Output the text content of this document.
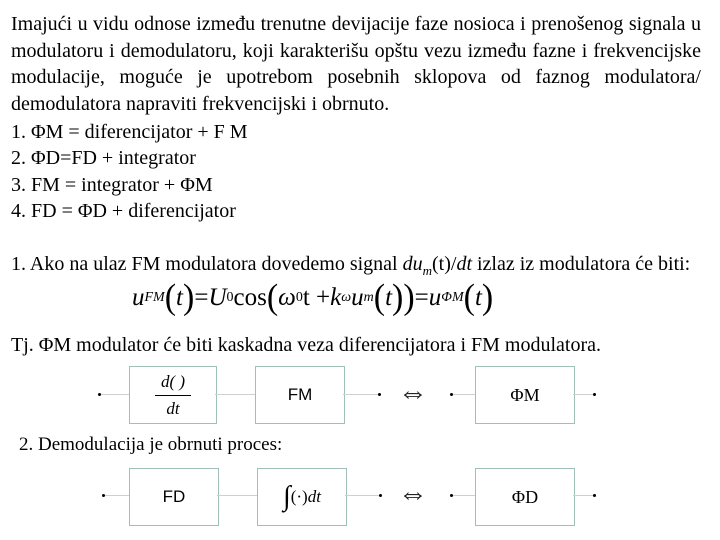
Imajući u vidu odnose između trenutne devijacije faze nosioca i prenošenog signala u modulatoru i demodulatoru, koji karakterišu opštu vezu između fazne i frekvencijske modulacije, moguće je upotrebom posebnih sklopova od faznog modulatora/ demodulatora napraviti frekvencijski i obrnuto.
1. ΦM = diferencijator + F M
2. ΦD=FD + integrator
3. FM = integrator + ΦM
4. FD = ΦD + diferencijator
1. Ako na ulaz FM modulatora dovedemo signal $du_m(t)/dt$ izlaz iz modulatora će biti:
u FM ( t ) = U 0 cos ( ω 0 t + k ω u m ( t ) ) = u ΦM ( t )
Tj. ΦM modulator će biti kaskadna veza diferencijatora i FM modulatora.
$\frac{d( )}{dt}$	FM	⇔	ΦM
2. Demodulacija je obrnuti proces:
FD	∫ (·) dt	⇔	ΦD
